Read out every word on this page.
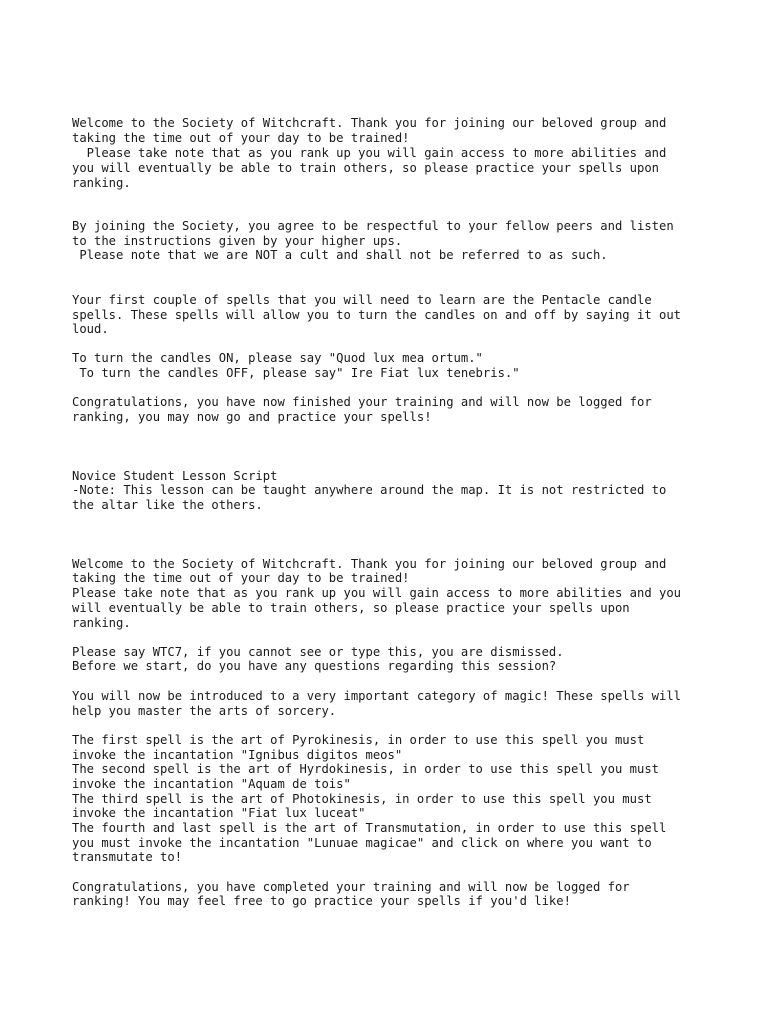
Welcome to the Society of Witchcraft. Thank you for joining our beloved group and

taking the time out of your day to be trained!

Please take note that as you rank up you will gain access to more abilities and

you will eventually be able to train others, so please practice your spells upon

ranking.

By joining the Society, you agree to be respectful to your fellow peers and listen

to the instructions given by your higher ups.

Please note that we are NOT a cult and shall not be referred to as such.

Your first couple of spells that you will need to learn are the Pentacle candle

spells. These spells will allow you to turn the candles on and off by saying it out

loud.

To turn the candles ON, please say "Quod lux mea ortum."

To turn the candles OFF, please say" Ire Fiat lux tenebris."

Congratulations, you have now finished your training and will now be logged for

ranking, you may now go and practice your spells!

Novice Student Lesson Script

-Note: This lesson can be taught anywhere around the map. It is not restricted to

the altar like the others.

Welcome to the Society of Witchcraft. Thank you for joining our beloved group and

taking the time out of your day to be trained!

Please take note that as you rank up you will gain access to more abilities and you

will eventually be able to train others, so please practice your spells upon

ranking.

Please say WTC7, if you cannot see or type this, you are dismissed.

Before we start, do you have any questions regarding this session?

You will now be introduced to a very important category of magic! These spells will

help you master the arts of sorcery.

The first spell is the art of Pyrokinesis, in order to use this spell you must

invoke the incantation "Ignibus digitos meos"

The second spell is the art of Hyrdokinesis, in order to use this spell you must

invoke the incantation "Aquam de tois"

The third spell is the art of Photokinesis, in order to use this spell you must

invoke the incantation "Fiat lux luceat"

The fourth and last spell is the art of Transmutation, in order to use this spell

you must invoke the incantation "Lunuae magicae" and click on where you want to

transmutate to!

Congratulations, you have completed your training and will now be logged for

ranking! You may feel free to go practice your spells if you'd like!
